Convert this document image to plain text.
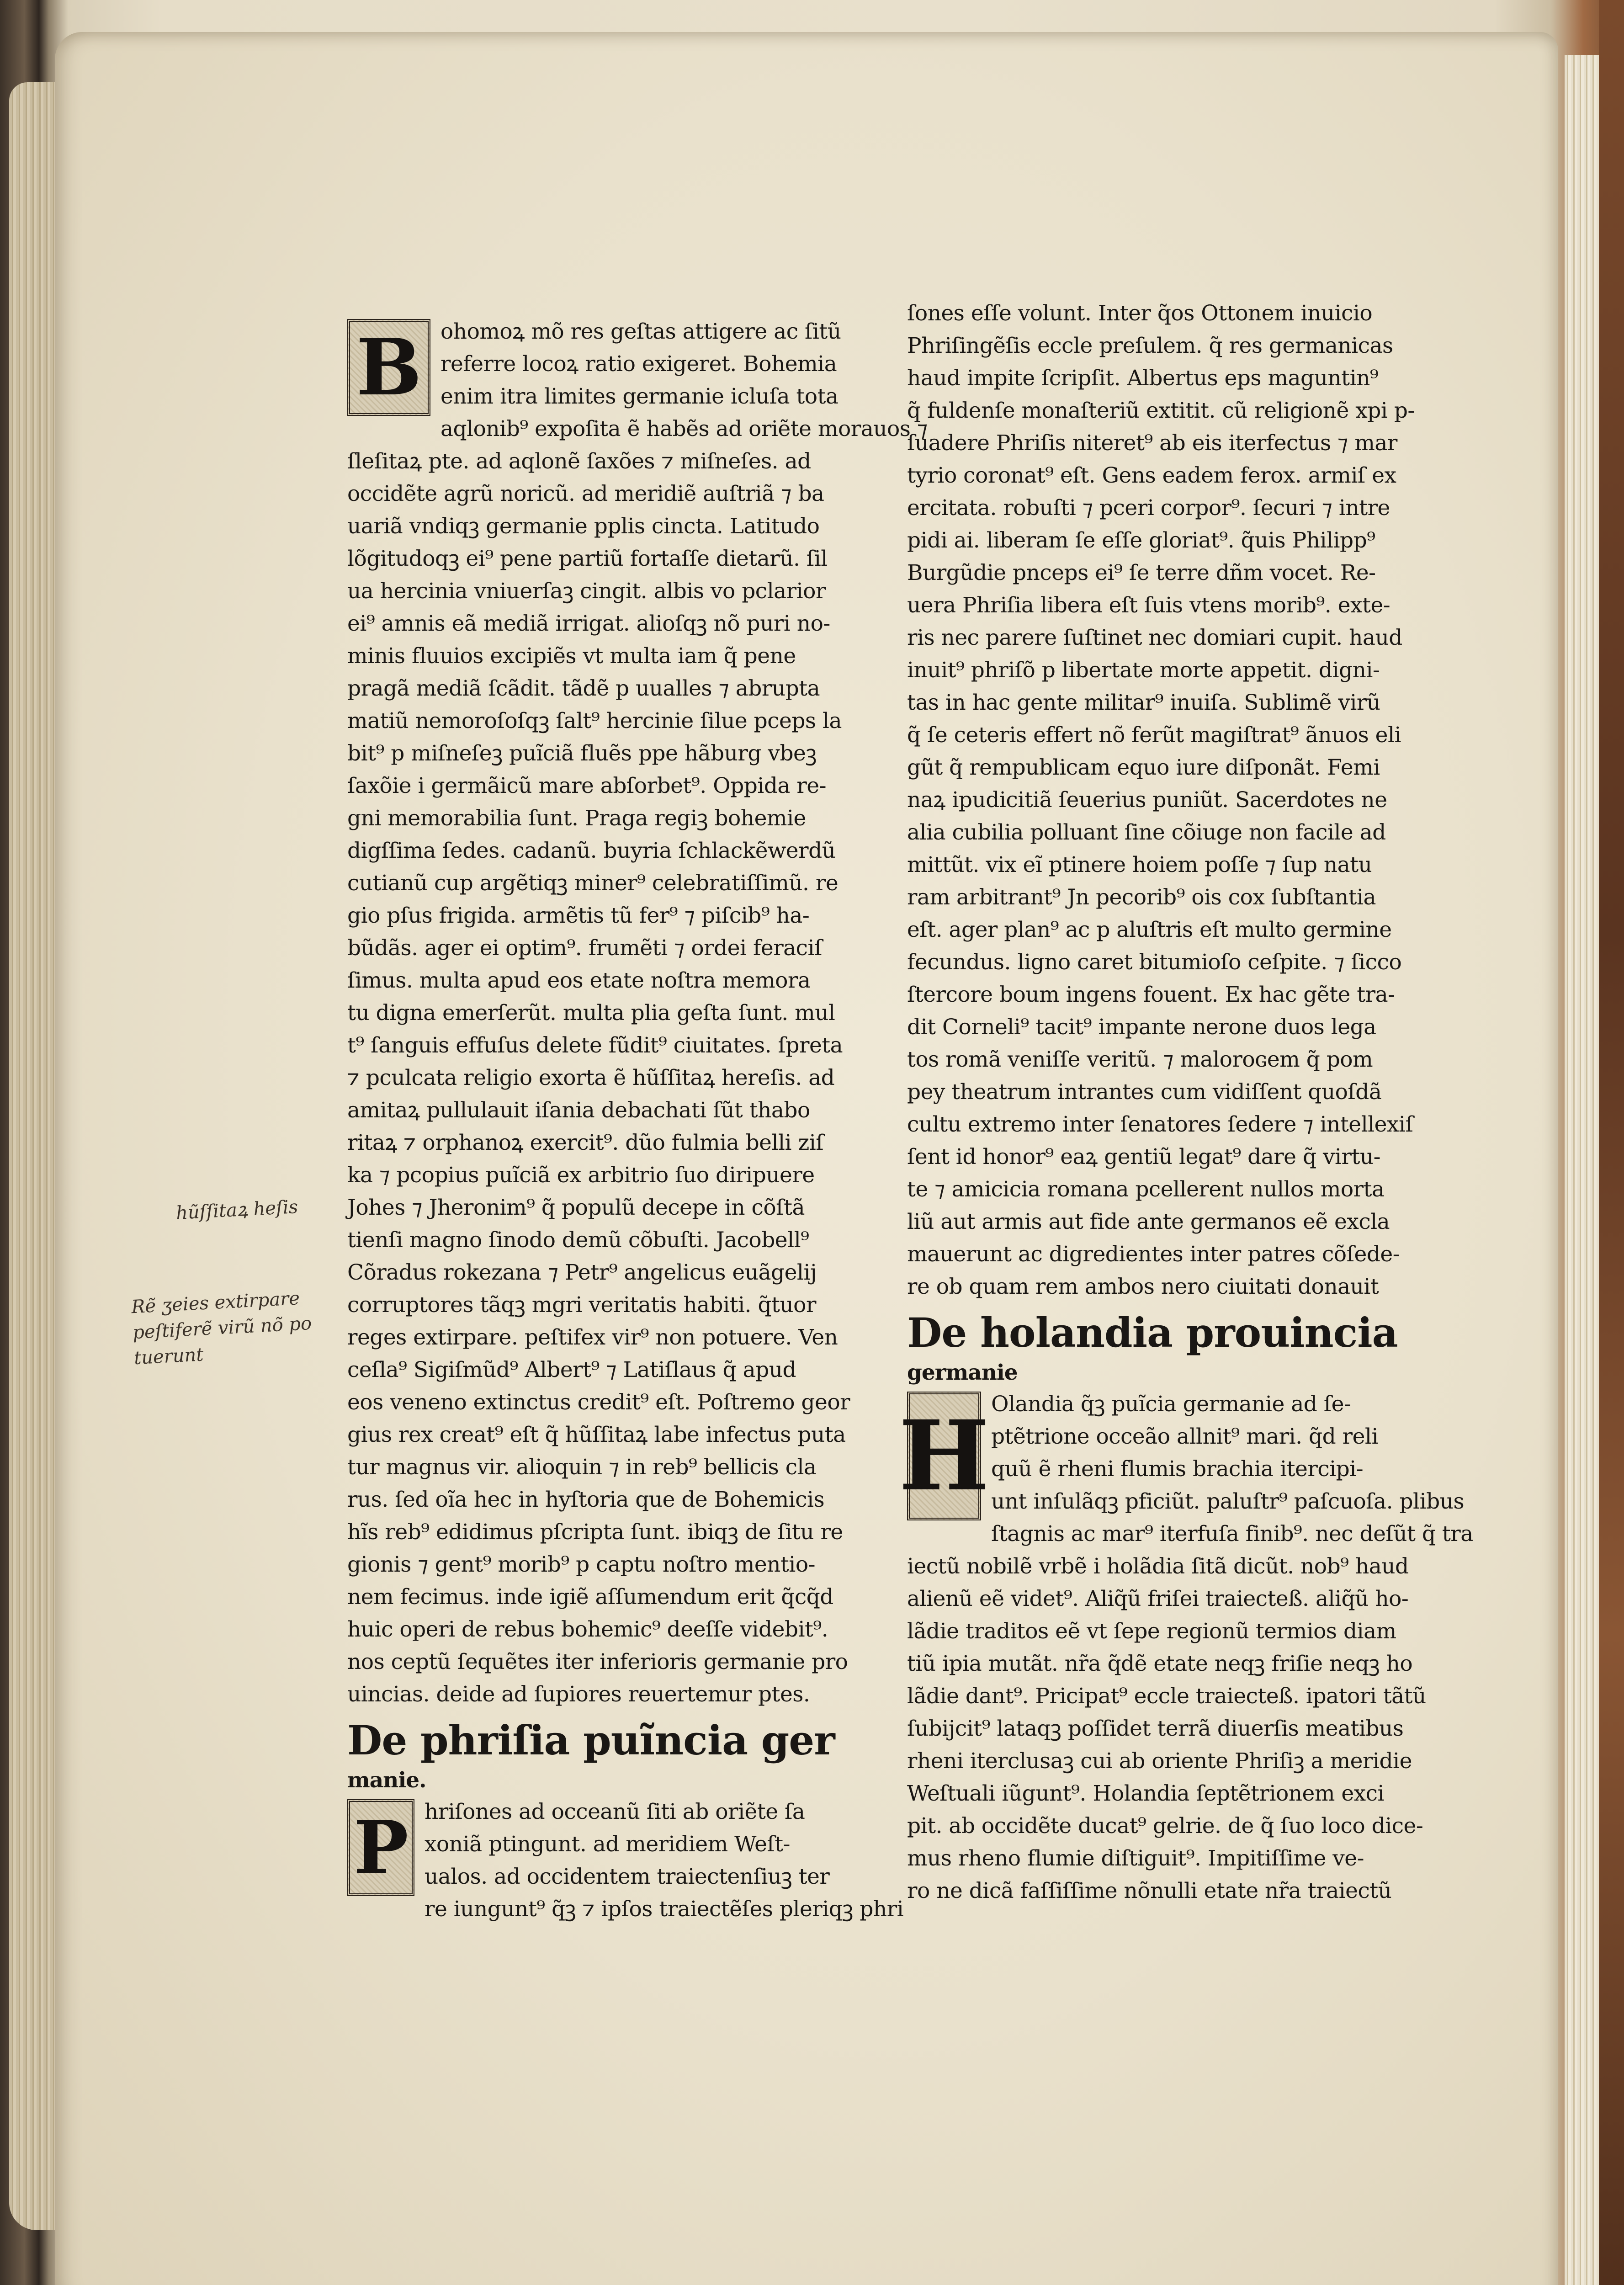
hũſſitaꝝ heſis
Rẽ ʒeies extirpare
peſtiferẽ virũ nõ po
tuerunt
B ohomoꝝ mõ res geſtas attigere ac ſitũ
referre locoꝝ ratio exigeret. Bohemia
enim itra limites germanie icluſa tota
aqlonib⁹ expoſita ẽ habẽs ad oriẽte morauos ⁊
ſleſitaꝝ pte. ad aqlonẽ ſaxões ⁊ miſneſes. ad
occidẽte agrũ noricũ. ad meridiẽ auſtriã ⁊ ba
uariã vndiqꝫ germanie pplis cincta. Latitudo
lõgitudoqꝫ ei⁹ pene partiũ fortaſſe dietarũ. ſil
ua hercinia vniuerſaꝫ cingit. albis vo pclarior
ei⁹ amnis eã mediã irrigat. alioſqꝫ nõ puri no-
minis fluuios excipiẽs vt multa iam q̃ pene
pragã mediã ſcãdit. tãdẽ p uualles ⁊ abrupta
matiũ nemoroſoſqꝫ ſalt⁹ hercinie ſilue pceps la
bit⁹ p miſneſeꝫ puĩciã fluẽs ppe hãburg vbeꝫ
ſaxõie i germãicũ mare abſorbet⁹. Oppida re-
gni memorabilia ſunt. Praga regiꝫ bohemie
digſſima ſedes. cadanũ. buyria ſchlackẽwerdũ
cutianũ cup argẽtiqꝫ miner⁹ celebratiſſimũ. re
gio pſus frigida. armẽtis tũ fer⁹ ⁊ piſcib⁹ ha-
bũdãs. ager ei optim⁹. frumẽti ⁊ ordei feraciſ
ſimus. multa apud eos etate noſtra memora
tu digna emerſerũt. multa plia geſta ſunt. mul
t⁹ ſanguis effuſus delete fũdit⁹ ciuitates. ſpreta
⁊ pculcata religio exorta ẽ hũſſitaꝝ hereſis. ad
amitaꝝ pullulauit iſania debachati ſũt thabo
ritaꝝ ⁊ orphanoꝝ exercit⁹. dũo fulmia belli ziſ
ka ⁊ pcopius puĩciã ex arbitrio ſuo diripuere
Johes ⁊ Jheronim⁹ q̃ populũ decepe in cõſtã
tienſi magno ſinodo demũ cõbuſti. Jacobell⁹
Cõradus rokezana ⁊ Petr⁹ angelicus euãgelij
corruptores tãqꝫ mgri veritatis habiti. q̃tuor
reges extirpare. peſtifex vir⁹ non potuere. Ven
ceſla⁹ Sigiſmũd⁹ Albert⁹ ⁊ Latiſlaus q̃ apud
eos veneno extinctus credit⁹ eſt. Poſtremo geor
gius rex creat⁹ eſt q̃ hũſſitaꝝ labe infectus puta
tur magnus vir. alioquin ⁊ in reb⁹ bellicis cla
rus. ſed oĩa hec in hyſtoria que de Bohemicis
hĩs reb⁹ edidimus pſcripta ſunt. ibiqꝫ de ſitu re
gionis ⁊ gent⁹ morib⁹ p captu noſtro mentio-
nem fecimus. inde igiẽ aſſumendum erit q̃cq̃d
huic operi de rebus bohemic⁹ deeſſe videbit⁹.
nos ceptũ ſequẽtes iter inferioris germanie pro
uincias. deide ad ſupiores reuertemur ptes.
De phriſia puĩncia ger
manie.
P hriſones ad occeanũ ſiti ab oriẽte ſa
xoniã ptingunt. ad meridiem Weſt-
ualos. ad occidentem traiectenſiuꝫ ter
re iungunt⁹ q̃ꝫ ⁊ ipſos traiectẽſes pleriqꝫ phri
ſones eſſe volunt. Inter q̃os Ottonem inuicio
Phriſingẽſis eccle preſulem. q̃ res germanicas
haud impite ſcripſit. Albertus eps maguntin⁹
q̃ fuldenſe monaſteriũ extitit. cũ religionẽ xpi p-
ſuadere Phriſis niteret⁹ ab eis iterfectus ⁊ mar
tyrio coronat⁹ eſt. Gens eadem ferox. armiſ ex
ercitata. robuſti ⁊ pceri corpor⁹. ſecuri ⁊ intre
pidi ai. liberam ſe eſſe gloriat⁹. q̃uis Philipp⁹
Burgũdie pnceps ei⁹ ſe terre dñm vocet. Re-
uera Phriſia libera eſt ſuis vtens morib⁹. exte-
ris nec parere ſuſtinet nec domiari cupit. haud
inuit⁹ phriſõ p libertate morte appetit. digni-
tas in hac gente militar⁹ inuiſa. Sublimẽ virũ
q̃ ſe ceteris effert nõ ferũt magiſtrat⁹ ãnuos eli
gũt q̃ rempublicam equo iure diſponãt. Femi
naꝝ ipudicitiã ſeuerius puniũt. Sacerdotes ne
alia cubilia polluant ſine cõiuge non facile ad
mittũt. vix eĩ ptinere hoiem poſſe ⁊ ſup natu
ram arbitrant⁹ Jn pecorib⁹ ois cox ſubſtantia
eſt. ager plan⁹ ac p aluſtris eſt multo germine
fecundus. ligno caret bitumioſo ceſpite. ⁊ ſicco
ſtercore boum ingens fouent. Ex hac gẽte tra-
dit Corneli⁹ tacit⁹ impante nerone duos lega
tos romã veniſſe veritũ. ⁊ maloroɢem q̃ pom
pey theatrum intrantes cum vidiſſent quoſdã
cultu extremo inter ſenatores ſedere ⁊ intellexiſ
ſent id honor⁹ eaꝝ gentiũ legat⁹ dare q̃ virtu-
te ⁊ amicicia romana pcellerent nullos morta
liũ aut armis aut fide ante germanos eẽ excla
mauerunt ac digredientes inter patres cõſede-
re ob quam rem ambos nero ciuitati donauit
De holandia prouincia
germanie
H Olandia q̃ꝫ puĩcia germanie ad ſe-
ptẽtrione occeão allnit⁹ mari. q̃d reli
quũ ẽ rheni flumis brachia itercipi-
unt inſulãqꝫ pficiũt. paluſtr⁹ paſcuoſa. plibus
ſtagnis ac mar⁹ iterfuſa finib⁹. nec deſũt q̃ tra
iectũ nobilẽ vrbẽ i holãdia ſitã dicũt. nob⁹ haud
alienũ eẽ videt⁹. Aliq̃ũ friſei traiecteß. aliq̃ũ ho-
lãdie traditos eẽ vt ſepe regionũ termios diam
tiũ ipia mutãt. nr̃a q̃dẽ etate neqꝫ friſie neqꝫ ho
lãdie dant⁹. Pricipat⁹ eccle traiecteß. ipatori tãtũ
ſubijcit⁹ lataqꝫ poſſidet terrã diuerſis meatibus
rheni iterclusaꝫ cui ab oriente Phriſiꝫ a meridie
Weſtuali iũgunt⁹. Holandia ſeptẽtrionem exci
pit. ab occidẽte ducat⁹ gelrie. de q̃ ſuo loco dice-
mus rheno flumie diſtiguit⁹. Impitiſſime ve-
ro ne dicã faſſiſſime nõnulli etate nr̃a traiectũ
